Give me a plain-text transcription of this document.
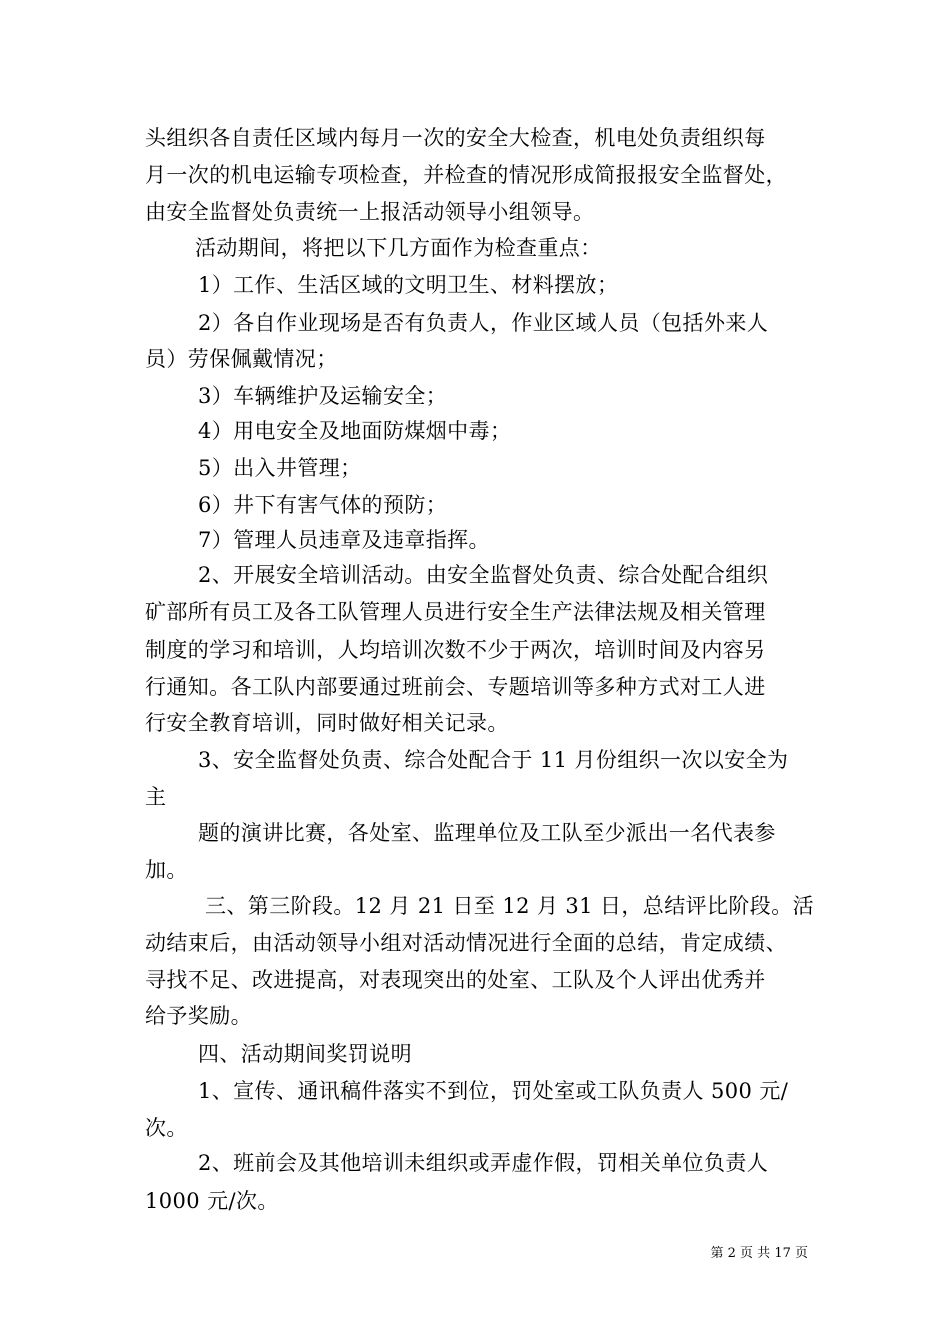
头组织各自责任区域内每月一次的安全大检查，机电处负责组织每
月一次的机电运输专项检查，并检查的情况形成简报报安全监督处，
由安全监督处负责统一上报活动领导小组领导。
活动期间，将把以下几方面作为检查重点：
1）工作、生活区域的文明卫生、材料摆放；
2）各自作业现场是否有负责人，作业区域人员（包括外来人
员）劳保佩戴情况；
3）车辆维护及运输安全；
4）用电安全及地面防煤烟中毒；
5）出入井管理；
6）井下有害气体的预防；
7）管理人员违章及违章指挥。
2、开展安全培训活动。由安全监督处负责、综合处配合组织
矿部所有员工及各工队管理人员进行安全生产法律法规及相关管理
制度的学习和培训，人均培训次数不少于两次，培训时间及内容另
行通知。各工队内部要通过班前会、专题培训等多种方式对工人进
行安全教育培训，同时做好相关记录。
3、安全监督处负责、综合处配合于 11 月份组织一次以安全为
主
题的演讲比赛，各处室、监理单位及工队至少派出一名代表参
加。
三、第三阶段。12 月 21 日至 12 月 31 日，总结评比阶段。活
动结束后，由活动领导小组对活动情况进行全面的总结，肯定成绩、
寻找不足、改进提高，对表现突出的处室、工队及个人评出优秀并
给予奖励。
四、活动期间奖罚说明
1、宣传、通讯稿件落实不到位，罚处室或工队负责人 500 元/
次。
2、班前会及其他培训未组织或弄虚作假，罚相关单位负责人
1000 元/次。
第 2 页 共 17 页
